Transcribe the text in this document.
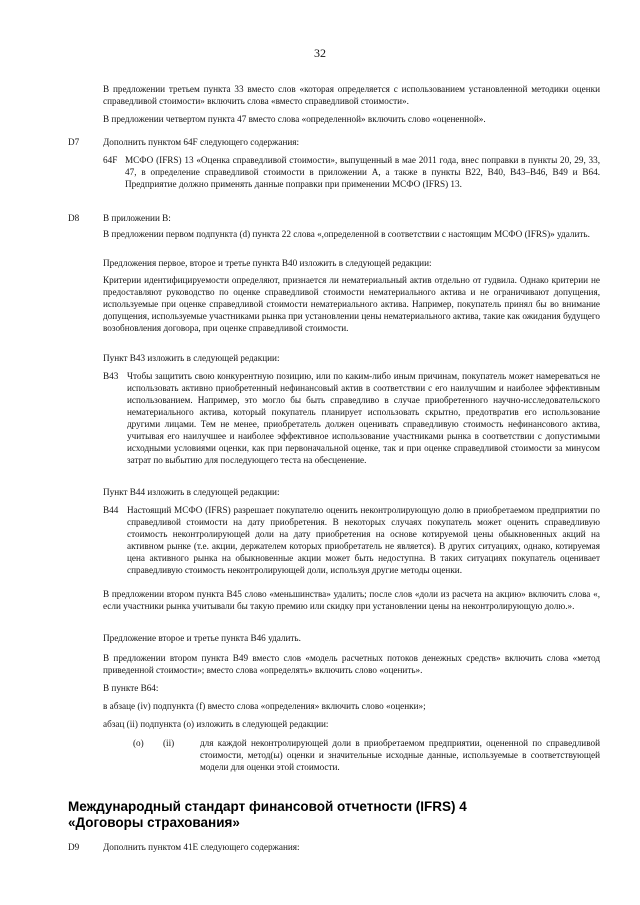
32
В предложении третьем пункта 33 вместо слов «которая определяется с использованием установленной методики оценки справедливой стоимости» включить слова «вместо справедливой стоимости».
В предложении четвертом пункта 47 вместо слова «определенной» включить слово «оцененной».
D7	Дополнить пунктом 64F следующего содержания:
64F МСФО (IFRS) 13 «Оценка справедливой стоимости», выпущенный в мае 2011 года, внес поправки в пункты 20, 29, 33, 47, в определение справедливой стоимости в приложении А, а также в пункты B22, B40, B43–B46, B49 и B64. Предприятие должно применять данные поправки при применении МСФО (IFRS) 13.
D8	В приложении В:
В предложении первом подпункта (d) пункта 22 слова «,определенной в соответствии с настоящим МСФО (IFRS)» удалить.
Предложения первое, второе и третье пункта B40 изложить в следующей редакции:
Критерии идентифицируемости определяют, признается ли нематериальный актив отдельно от гудвила. Однако критерии не предоставляют руководство по оценке справедливой стоимости нематериального актива и не ограничивают допущения, используемые при оценке справедливой стоимости нематериального актива. Например, покупатель принял бы во внимание допущения, используемые участниками рынка при установлении цены нематериального актива, такие как ожидания будущего возобновления договора, при оценке справедливой стоимости.
Пункт B43 изложить в следующей редакции:
B43 Чтобы защитить свою конкурентную позицию, или по каким-либо иным причинам, покупатель может намереваться не использовать активно приобретенный нефинансовый актив в соответствии с его наилучшим и наиболее эффективным использованием. Например, это могло бы быть справедливо в случае приобретенного научно-исследовательского нематериального актива, который покупатель планирует использовать скрытно, предотвратив его использование другими лицами. Тем не менее, приобретатель должен оценивать справедливую стоимость нефинансового актива, учитывая его наилучшее и наиболее эффективное использование участниками рынка в соответствии с допустимыми исходными условиями оценки, как при первоначальной оценке, так и при оценке справедливой стоимости за минусом затрат по выбытию для последующего теста на обесценение.
Пункт B44 изложить в следующей редакции:
B44 Настоящий МСФО (IFRS) разрешает покупателю оценить неконтролирующую долю в приобретаемом предприятии по справедливой стоимости на дату приобретения. В некоторых случаях покупатель может оценить справедливую стоимость неконтролирующей доли на дату приобретения на основе котируемой цены обыкновенных акций на активном рынке (т.е. акции, держателем которых приобретатель не является). В других ситуациях, однако, котируемая цена активного рынка на обыкновенные акции может быть недоступна. В таких ситуациях покупатель оценивает справедливую стоимость неконтролирующей доли, используя другие методы оценки.
В предложении втором пункта B45 слово «меньшинства» удалить; после слов «доли из расчета на акцию» включить слова «, если участники рынка учитывали бы такую премию или скидку при установлении цены на неконтролирующую долю.».
Предложение второе и третье пункта B46 удалить.
В предложении втором пункта B49 вместо слов «модель расчетных потоков денежных средств» включить слова «метод приведенной стоимости»; вместо слова «определять» включить слово «оценить».
В пункте B64:
в абзаце (iv) подпункта (f) вместо слова «определения» включить слово «оценки»;
абзац (ii) подпункта (o) изложить в следующей редакции:
(o) (ii)	для каждой неконтролирующей доли в приобретаемом предприятии, оцененной по справедливой стоимости, метод(ы) оценки и значительные исходные данные, используемые в соответствующей модели для оценки этой стоимости.
Международный стандарт финансовой отчетности (IFRS) 4
«Договоры страхования»
D9	Дополнить пунктом 41E следующего содержания:
